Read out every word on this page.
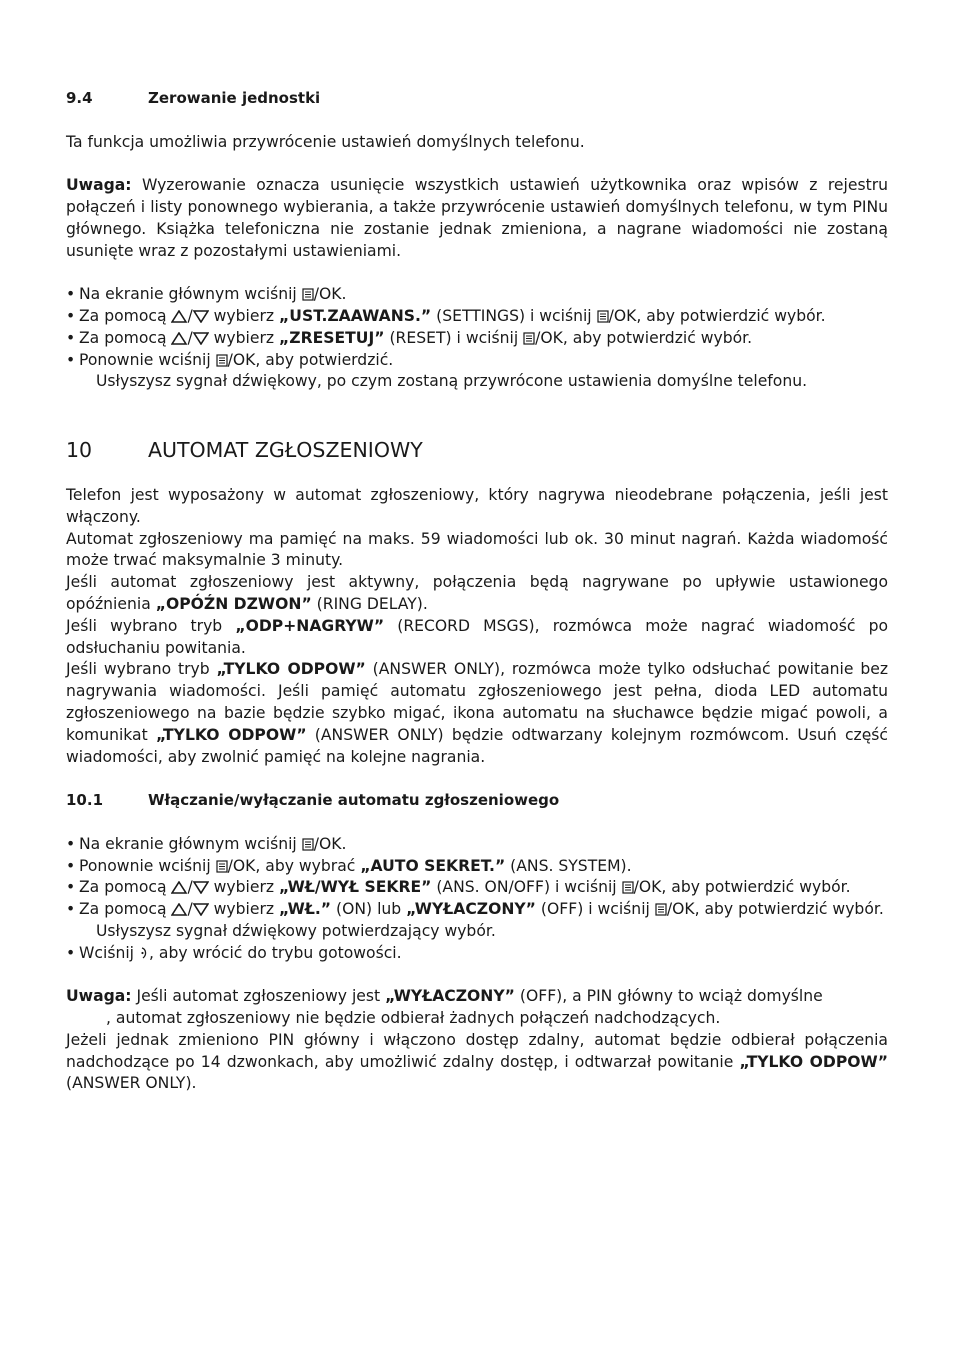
9.4	Zerowanie jednostki

Ta funkcja umożliwia przywrócenie ustawień domyślnych telefonu.

Uwaga: Wyzerowanie oznacza usunięcie wszystkich ustawień użytkownika oraz wpisów z rejestru połączeń i listy ponownego wybierania, a także przywrócenie ustawień domyślnych telefonu, w tym PINu głównego. Książka telefoniczna nie zostanie jednak zmieniona, a nagrane wiadomości nie zostaną usunięte wraz z pozostałymi ustawieniami.

• Na ekranie głównym wciśnij /OK.
• Za pomocą / wybierz „UST.ZAAWANS.” (SETTINGS) i wciśnij /OK, aby potwierdzić wybór.
• Za pomocą / wybierz „ZRESETUJ” (RESET) i wciśnij /OK, aby potwierdzić wybór.
• Ponownie wciśnij /OK, aby potwierdzić.

Usłyszysz sygnał dźwiękowy, po czym zostaną przywrócone ustawienia domyślne telefonu.

10	AUTOMAT ZGŁOSZENIOWY

Telefon jest wyposażony w automat zgłoszeniowy, który nagrywa nieodebrane połączenia, jeśli jest włączony.

Automat zgłoszeniowy ma pamięć na maks. 59 wiadomości lub ok. 30 minut nagrań. Każda wiadomość może trwać maksymalnie 3 minuty.

Jeśli automat zgłoszeniowy jest aktywny, połączenia będą nagrywane po upływie ustawionego opóźnienia „OPÓŹN DZWON” (RING DELAY).

Jeśli wybrano tryb „ODP+NAGRYW” (RECORD MSGS), rozmówca może nagrać wiadomość po odsłuchaniu powitania.

Jeśli wybrano tryb „TYLKO ODPOW” (ANSWER ONLY), rozmówca może tylko odsłuchać powitanie bez nagrywania wiadomości. Jeśli pamięć automatu zgłoszeniowego jest pełna, dioda LED automatu zgłoszeniowego na bazie będzie szybko migać, ikona automatu na słuchawce będzie migać powoli, a komunikat „TYLKO ODPOW” (ANSWER ONLY) będzie odtwarzany kolejnym rozmówcom. Usuń część wiadomości, aby zwolnić pamięć na kolejne nagrania.

10.1	Włączanie/wyłączanie automatu zgłoszeniowego
• Na ekranie głównym wciśnij /OK.
• Ponownie wciśnij /OK, aby wybrać „AUTO SEKRET.” (ANS. SYSTEM).
• Za pomocą / wybierz „WŁ/WYŁ SEKRE” (ANS. ON/OFF) i wciśnij /OK, aby potwierdzić wybór.
• Za pomocą / wybierz „WŁ.” (ON) lub „WYŁACZONY” (OFF) i wciśnij /OK, aby potwierdzić wybór.

Usłyszysz sygnał dźwiękowy potwierdzający wybór.

• Wciśnij , aby wrócić do trybu gotowości.

Uwaga: Jeśli automat zgłoszeniowy jest „WYŁACZONY” (OFF), a PIN główny to wciąż domyślne

, automat zgłoszeniowy nie będzie odbierał żadnych połączeń nadchodzących.

Jeżeli jednak zmieniono PIN główny i włączono dostęp zdalny, automat będzie odbierał połączenia nadchodzące po 14 dzwonkach, aby umożliwić zdalny dostęp, i odtwarzał powitanie „TYLKO ODPOW” (ANSWER ONLY).
